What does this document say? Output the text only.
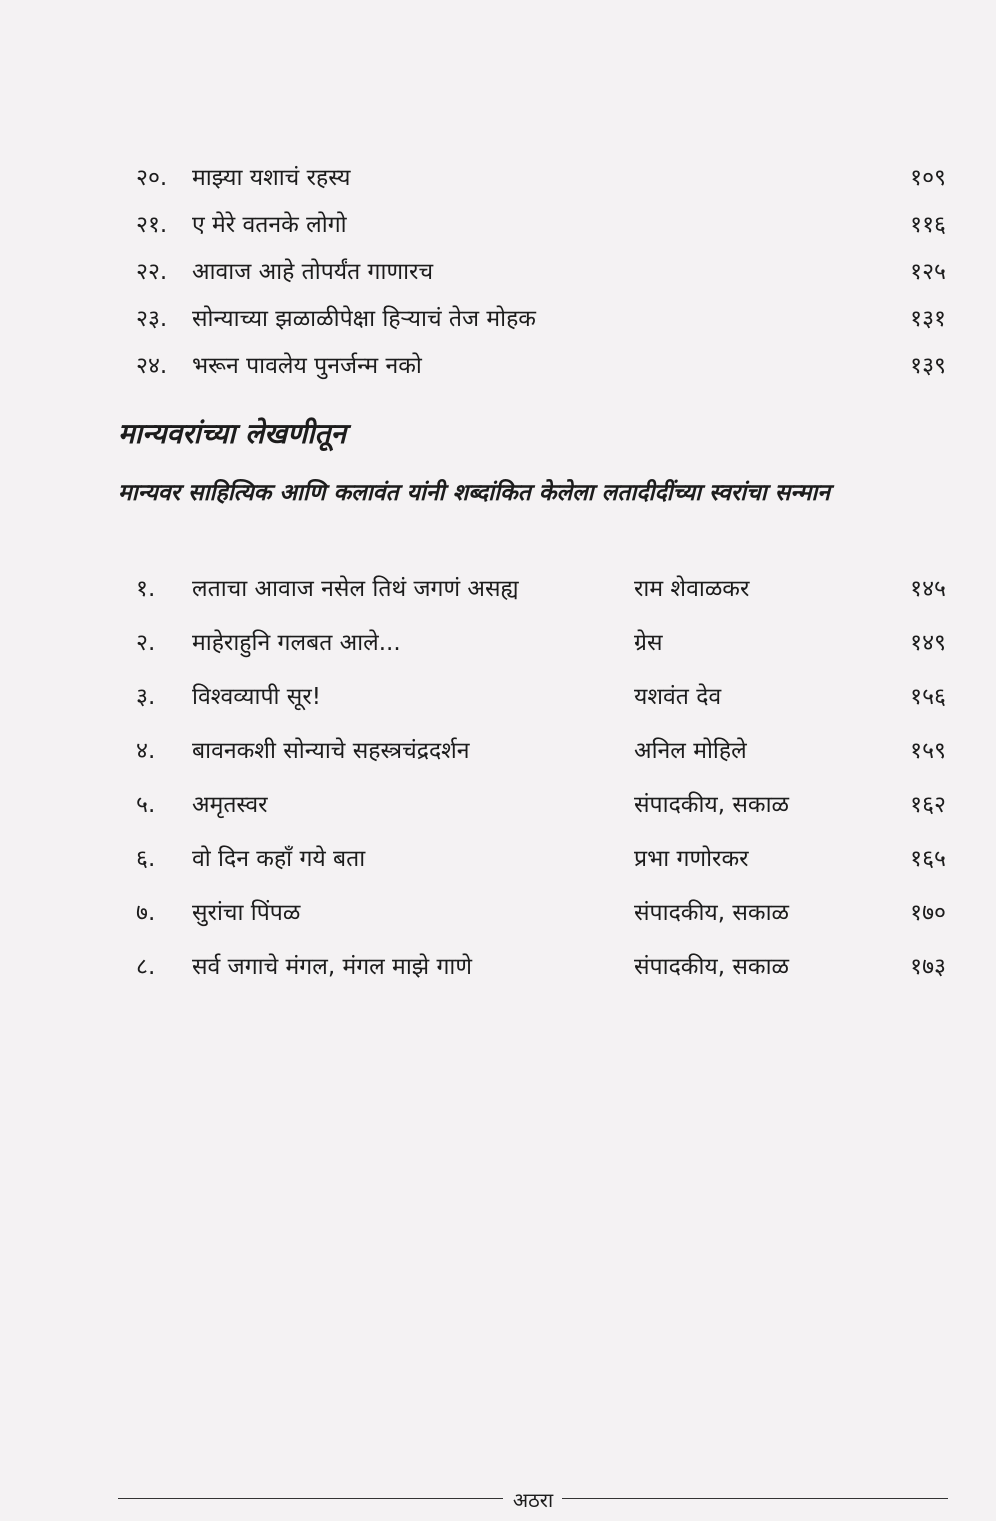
२०.	माझ्या यशाचं रहस्य	१०९
२१.	ए मेरे वतनके लोगो	११६
२२.	आवाज आहे तोपर्यंत गाणारच	१२५
२३.	सोन्याच्या झळाळीपेक्षा हिऱ्याचं तेज मोहक	१३१
२४.	भरून पावलेय पुनर्जन्म नको	१३९
मान्यवरांच्या लेखणीतून
मान्यवर साहित्यिक आणि कलावंत यांनी शब्दांकित केलेला लतादीदींच्या स्वरांचा सन्मान
१.	लताचा आवाज नसेल तिथं जगणं असह्य	राम शेवाळकर	१४५
२.	माहेराहुनि गलबत आले...	ग्रेस	१४९
३.	विश्वव्यापी सूर!	यशवंत देव	१५६
४.	बावनकशी सोन्याचे सहस्त्रचंद्रदर्शन	अनिल मोहिले	१५९
५.	अमृतस्वर	संपादकीय, सकाळ	१६२
६.	वो दिन कहाँ गये बता	प्रभा गणोरकर	१६५
७.	सुरांचा पिंपळ	संपादकीय, सकाळ	१७०
८.	सर्व जगाचे मंगल, मंगल माझे गाणे	संपादकीय, सकाळ	१७३
अठरा
